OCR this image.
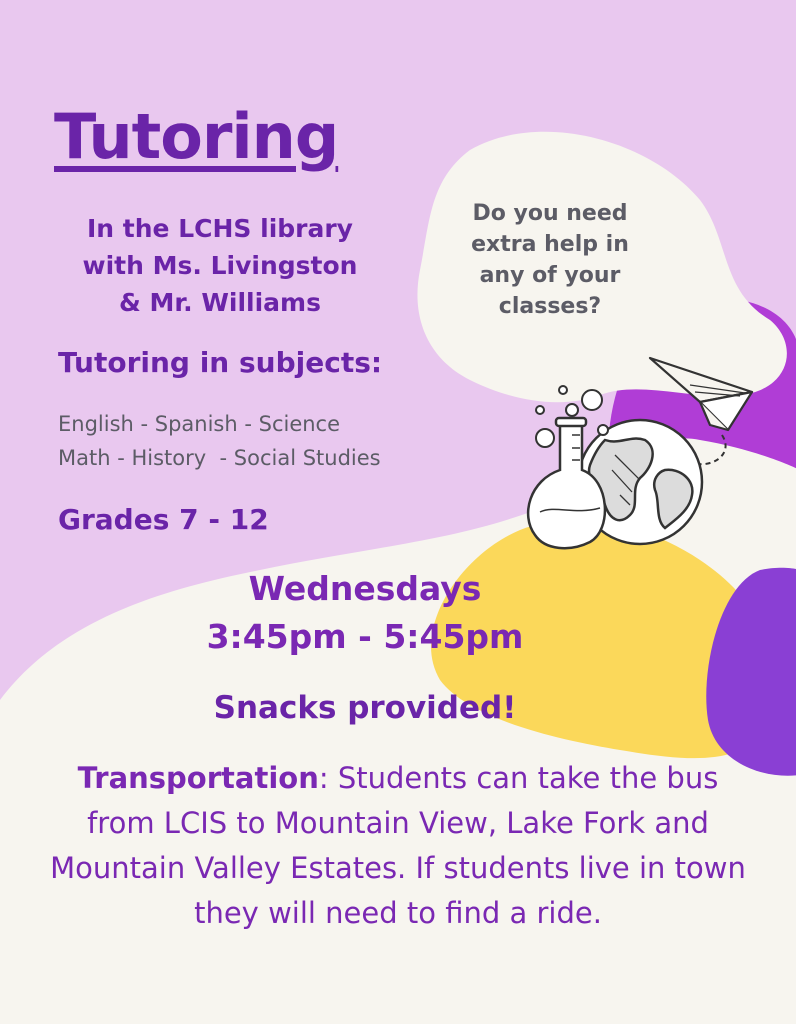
Tutoring
In the LCHS library
with Ms. Livingston
& Mr. Williams
Tutoring in subjects:
English - Spanish - Science
Math - History  - Social Studies
Grades 7 - 12
Wednesdays
3:45pm - 5:45pm
Snacks provided!
Transportation: Students can take the bus from LCIS to Mountain View, Lake Fork and Mountain Valley Estates. If students live in town they will need to find a ride.
Do you need
extra help in
any of your
classes?
